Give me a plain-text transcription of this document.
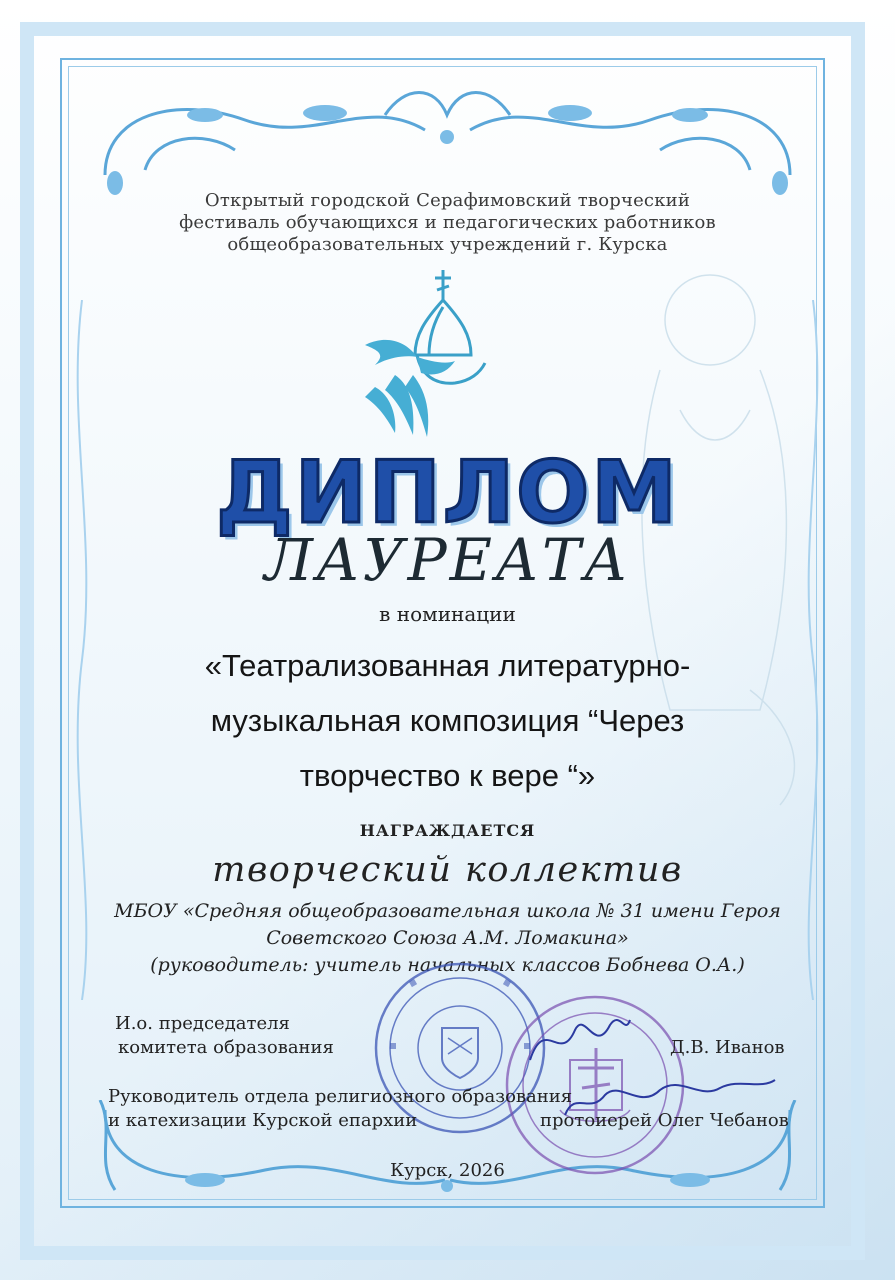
Открытый городской Серафимовский творческий
фестиваль обучающихся и педагогических работников
общеобразовательных учреждений г. Курска
ДИПЛОМ
ЛАУРЕАТА
в номинации
«Театрализованная литературно-
музыкальная композиция “Через
творчество к вере “»
НАГРАЖДАЕТСЯ
творческий коллектив
МБОУ «Средняя общеобразовательная школа № 31 имени Героя
Советского Союза А.М. Ломакина»
(руководитель: учитель начальных классов Бобнева О.А.)
И.о. председателя
комитета образования	Д.В. Иванов
Руководитель отдела религиозного образования
и катехизации Курской епархии	протоиерей Олег Чебанов
Курск, 2026
